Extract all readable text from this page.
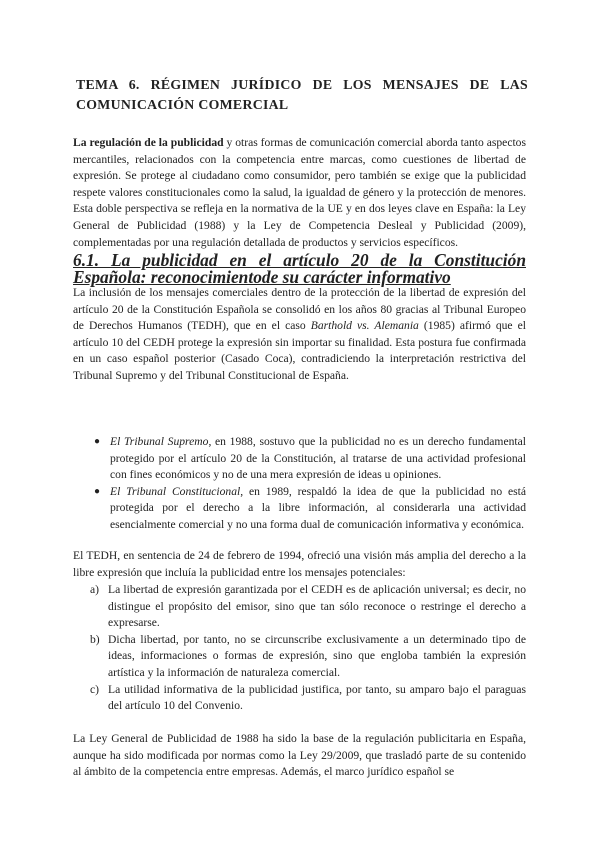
TEMA 6. RÉGIMEN JURÍDICO DE LOS MENSAJES DE LAS COMUNICACIÓN COMERCIAL

La regulación de la publicidad y otras formas de comunicación comercial aborda tanto aspectos mercantiles, relacionados con la competencia entre marcas, como cuestiones de libertad de expresión. Se protege al ciudadano como consumidor, pero también se exige que la publicidad respete valores constitucionales como la salud, la igualdad de género y la protección de menores. Esta doble perspectiva se refleja en la normativa de la UE y en dos leyes clave en España: la Ley General de Publicidad (1988) y la Ley de Competencia Desleal y Publicidad (2009), complementadas por una regulación detallada de productos y servicios específicos.

6.1. La publicidad en el artículo 20 de la Constitución Española: reconocimientode su carácter informativo

La inclusión de los mensajes comerciales dentro de la protección de la libertad de expresión del artículo 20 de la Constitución Española se consolidó en los años 80 gracias al Tribunal Europeo de Derechos Humanos (TEDH), que en el caso Barthold vs. Alemania (1985) afirmó que el artículo 10 del CEDH protege la expresión sin importar su finalidad. Esta postura fue confirmada en un caso español posterior (Casado Coca), contradiciendo la interpretación restrictiva del Tribunal Supremo y del Tribunal Constitucional de España.

● El Tribunal Supremo, en 1988, sostuvo que la publicidad no es un derecho fundamental protegido por el artículo 20 de la Constitución, al tratarse de una actividad profesional con fines económicos y no de una mera expresión de ideas u opiniones.
● El Tribunal Constitucional, en 1989, respaldó la idea de que la publicidad no está protegida por el derecho a la libre información, al considerarla una actividad esencialmente comercial y no una forma dual de comunicación informativa y económica.

El TEDH, en sentencia de 24 de febrero de 1994, ofreció una visión más amplia del derecho a la libre expresión que incluía la publicidad entre los mensajes potenciales:

a) La libertad de expresión garantizada por el CEDH es de aplicación universal; es decir, no distingue el propósito del emisor, sino que tan sólo reconoce o restringe el derecho a expresarse.
b) Dicha libertad, por tanto, no se circunscribe exclusivamente a un determinado tipo de ideas, informaciones o formas de expresión, sino que engloba también la expresión artística y la información de naturaleza comercial.
c) La utilidad informativa de la publicidad justifica, por tanto, su amparo bajo el paraguas del artículo 10 del Convenio.

La Ley General de Publicidad de 1988 ha sido la base de la regulación publicitaria en España, aunque ha sido modificada por normas como la Ley 29/2009, que trasladó parte de su contenido al ámbito de la competencia entre empresas. Además, el marco jurídico español se
